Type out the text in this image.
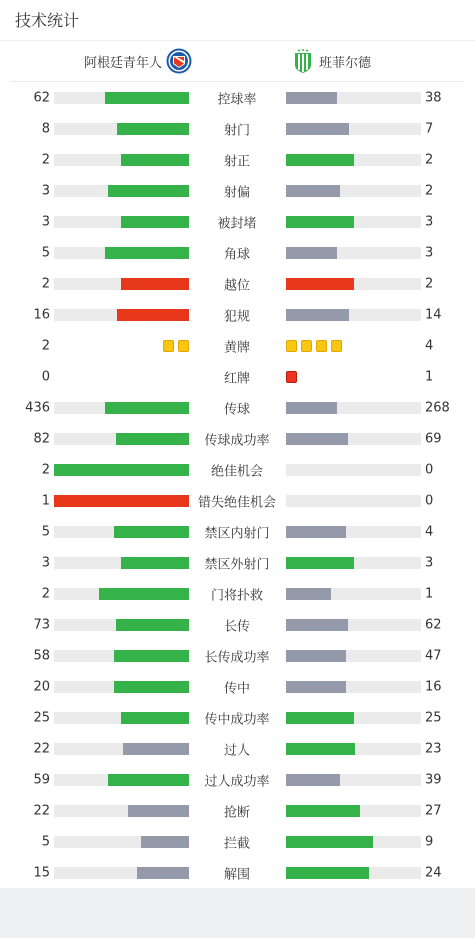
技术统计
阿根廷青年人	班菲尔德
62	控球率	38
8	射门	7
2	射正	2
3	射偏	2
3	被封堵	3
5	角球	3
2	越位	2
16	犯规	14
2	黄牌	4
0	红牌	1
436	传球	268
82	传球成功率	69
2	绝佳机会	0
1	错失绝佳机会	0
5	禁区内射门	4
3	禁区外射门	3
2	门将扑救	1
73	长传	62
58	长传成功率	47
20	传中	16
25	传中成功率	25
22	过人	23
59	过人成功率	39
22	抢断	27
5	拦截	9
15	解围	24
